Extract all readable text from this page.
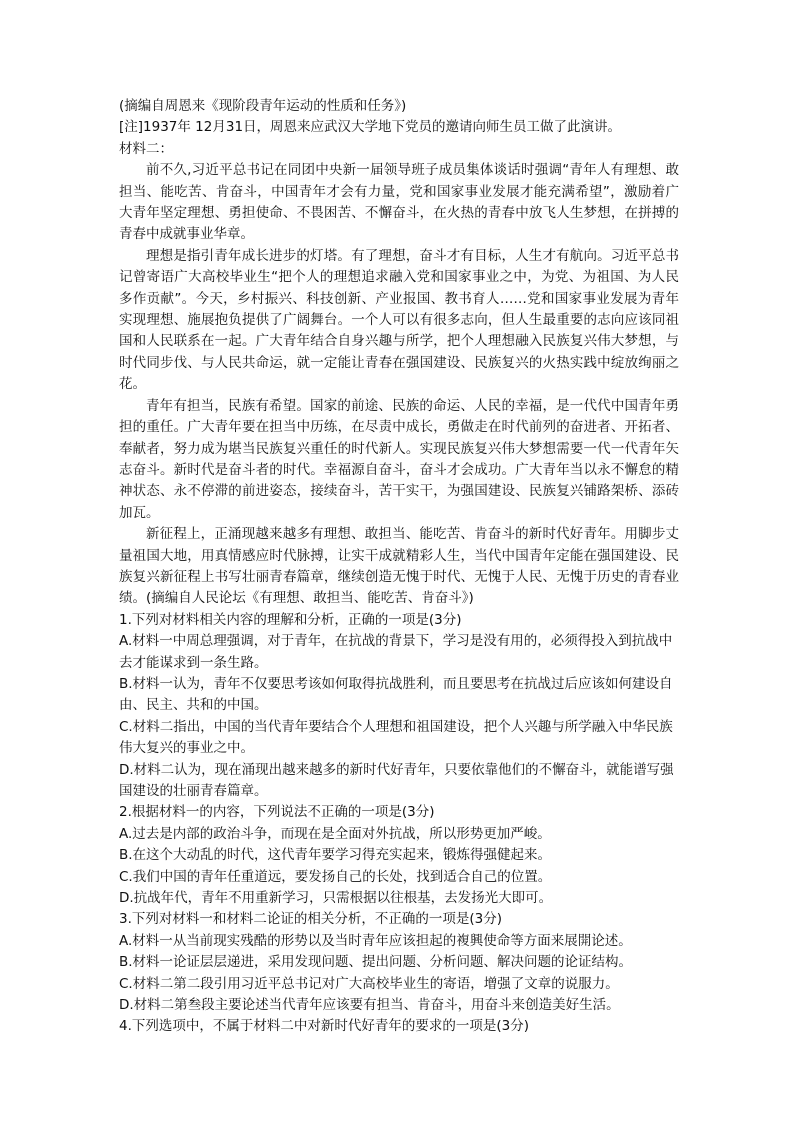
(摘编自周恩来《现阶段青年运动的性质和任务》)
[注]1937年 12月31日，周恩来应武汉大学地下党员的邀请向师生员工做了此演讲。
材料二：
前不久,习近平总书记在同团中央新一届领导班子成员集体谈话时强调“青年人有理想、敢担当、能吃苦、肯奋斗，中国青年才会有力量，党和国家事业发展才能充满希望”，激励着广大青年坚定理想、勇担使命、不畏困苦、不懈奋斗，在火热的青春中放飞人生梦想，在拼搏的青春中成就事业华章。
理想是指引青年成长进步的灯塔。有了理想，奋斗才有目标，人生才有航向。习近平总书记曾寄语广大高校毕业生“把个人的理想追求融入党和国家事业之中，为党、为祖国、为人民多作贡献”。今天，乡村振兴、科技创新、产业报国、教书育人……党和国家事业发展为青年实现理想、施展抱负提供了广阔舞台。一个人可以有很多志向，但人生最重要的志向应该同祖国和人民联系在一起。广大青年结合自身兴趣与所学，把个人理想融入民族复兴伟大梦想，与时代同步伐、与人民共命运，就一定能让青春在强国建设、民族复兴的火热实践中绽放绚丽之花。
青年有担当，民族有希望。国家的前途、民族的命运、人民的幸福，是一代代中国青年勇担的重任。广大青年要在担当中历练，在尽责中成长，勇做走在时代前列的奋进者、开拓者、奉献者，努力成为堪当民族复兴重任的时代新人。实现民族复兴伟大梦想需要一代一代青年矢志奋斗。新时代是奋斗者的时代。幸福源自奋斗，奋斗才会成功。广大青年当以永不懈怠的精神状态、永不停滞的前进姿态，接续奋斗，苦干实干，为强国建设、民族复兴铺路架桥、添砖加瓦。
新征程上，正涌现越来越多有理想、敢担当、能吃苦、肯奋斗的新时代好青年。用脚步丈量祖国大地，用真情感应时代脉搏，让实干成就精彩人生，当代中国青年定能在强国建设、民族复兴新征程上书写壮丽青春篇章，继续创造无愧于时代、无愧于人民、无愧于历史的青春业绩。(摘编自人民论坛《有理想、敢担当、能吃苦、肯奋斗》)
1.下列对材料相关内容的理解和分析，正确的一项是(3分)
A.材料一中周总理强调，对于青年，在抗战的背景下，学习是没有用的，必须得投入到抗战中去才能谋求到一条生路。
B.材料一认为，青年不仅要思考该如何取得抗战胜利，而且要思考在抗战过后应该如何建设自由、民主、共和的中国。
C.材料二指出，中国的当代青年要结合个人理想和祖国建设，把个人兴趣与所学融入中华民族伟大复兴的事业之中。
D.材料二认为，现在涌现出越来越多的新时代好青年，只要依靠他们的不懈奋斗，就能谱写强国建设的壮丽青春篇章。
2.根据材料一的内容，下列说法不正确的一项是(3分)
A.过去是内部的政治斗争，而现在是全面对外抗战，所以形势更加严峻。
B.在这个大动乱的时代，这代青年要学习得充实起来，锻炼得强健起来。
C.我们中国的青年任重道远，要发扬自己的长处，找到适合自己的位置。
D.抗战年代，青年不用重新学习，只需根据以往根基，去发扬光大即可。
3.下列对材料一和材料二论证的相关分析，不正确的一项是(3分)
A.材料一从当前现实残酷的形势以及当时青年应该担起的複興使命等方面来展開论述。
B.材料一论证层层递进，采用发现问题、提出问题、分析问题、解决问题的论证结构。
C.材料二第二段引用习近平总书记对广大高校毕业生的寄语，增强了文章的说服力。
D.材料二第叁段主要论述当代青年应该要有担当、肯奋斗，用奋斗来创造美好生活。
4.下列选项中，不属于材料二中对新时代好青年的要求的一项是(3分)
